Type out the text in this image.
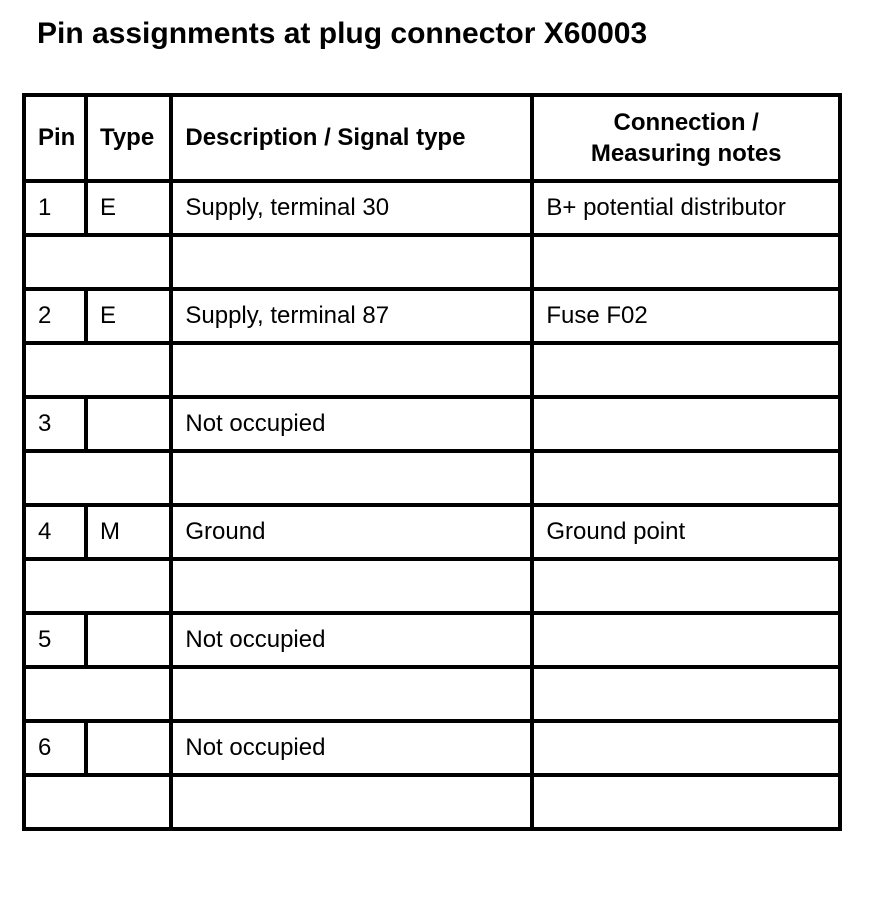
Pin assignments at plug connector X60003
Pin	Type	Description / Signal type	Connection /
Measuring notes
1	E	Supply, terminal 30	B+ potential distributor

2	E	Supply, terminal 87	Fuse F02

3		Not occupied	

4	M	Ground	Ground point

5		Not occupied	

6		Not occupied	
